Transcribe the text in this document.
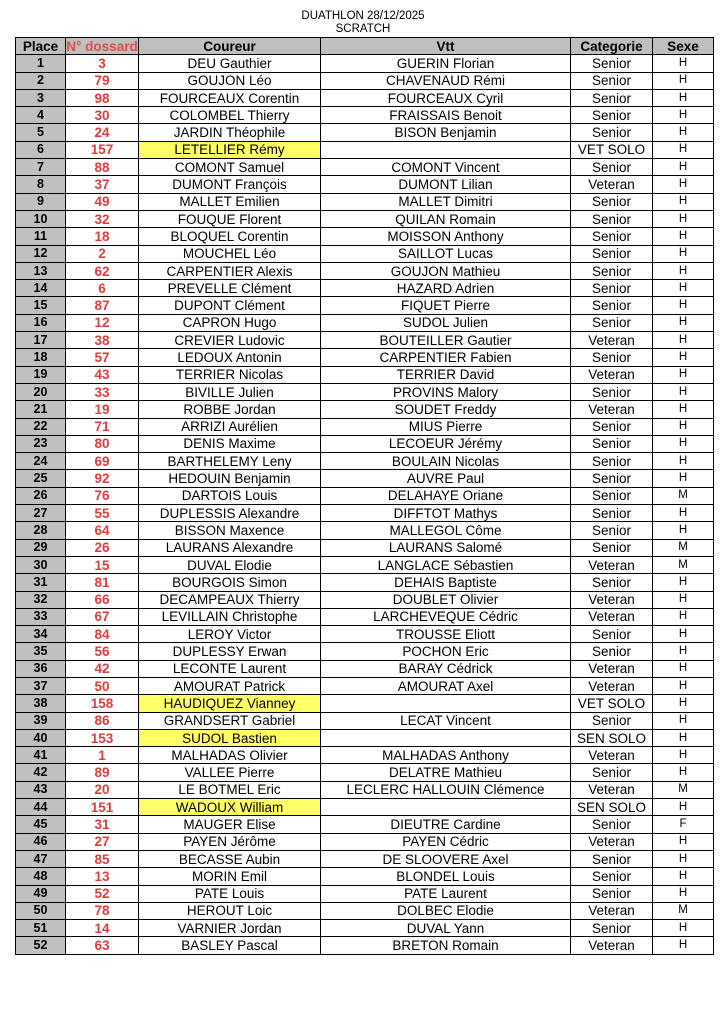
DUATHLON 28/12/2025
SCRATCH
Place	N° dossard	Coureur	Vtt	Categorie	Sexe
1	3	DEU Gauthier	GUERIN Florian	Senior	H
2	79	GOUJON Léo	CHAVENAUD Rémi	Senior	H
3	98	FOURCEAUX Corentin	FOURCEAUX Cyril	Senior	H
4	30	COLOMBEL Thierry	FRAISSAIS Benoit	Senior	H
5	24	JARDIN Théophile	BISON Benjamin	Senior	H
6	157	LETELLIER Rémy		VET SOLO	H
7	88	COMONT Samuel	COMONT Vincent	Senior	H
8	37	DUMONT François	DUMONT Lilian	Veteran	H
9	49	MALLET Emilien	MALLET Dimitri	Senior	H
10	32	FOUQUE Florent	QUILAN Romain	Senior	H
11	18	BLOQUEL Corentin	MOISSON Anthony	Senior	H
12	2	MOUCHEL Léo	SAILLOT Lucas	Senior	H
13	62	CARPENTIER Alexis	GOUJON Mathieu	Senior	H
14	6	PREVELLE Clément	HAZARD Adrien	Senior	H
15	87	DUPONT Clément	FIQUET Pierre	Senior	H
16	12	CAPRON Hugo	SUDOL Julien	Senior	H
17	38	CREVIER Ludovic	BOUTEILLER Gautier	Veteran	H
18	57	LEDOUX Antonin	CARPENTIER Fabien	Senior	H
19	43	TERRIER Nicolas	TERRIER David	Veteran	H
20	33	BIVILLE Julien	PROVINS Malory	Senior	H
21	19	ROBBE Jordan	SOUDET Freddy	Veteran	H
22	71	ARRIZI Aurélien	MIUS Pierre	Senior	H
23	80	DENIS Maxime	LECOEUR Jérémy	Senior	H
24	69	BARTHELEMY Leny	BOULAIN Nicolas	Senior	H
25	92	HEDOUIN Benjamin	AUVRE Paul	Senior	H
26	76	DARTOIS Louis	DELAHAYE Oriane	Senior	M
27	55	DUPLESSIS Alexandre	DIFFTOT Mathys	Senior	H
28	64	BISSON Maxence	MALLEGOL Côme	Senior	H
29	26	LAURANS Alexandre	LAURANS Salomé	Senior	M
30	15	DUVAL Elodie	LANGLACE Sébastien	Veteran	M
31	81	BOURGOIS Simon	DEHAIS Baptiste	Senior	H
32	66	DECAMPEAUX Thierry	DOUBLET Olivier	Veteran	H
33	67	LEVILLAIN Christophe	LARCHEVEQUE Cédric	Veteran	H
34	84	LEROY Victor	TROUSSE Eliott	Senior	H
35	56	DUPLESSY Erwan	POCHON Eric	Senior	H
36	42	LECONTE Laurent	BARAY Cédrick	Veteran	H
37	50	AMOURAT Patrick	AMOURAT Axel	Veteran	H
38	158	HAUDIQUEZ Vianney		VET SOLO	H
39	86	GRANDSERT Gabriel	LECAT Vincent	Senior	H
40	153	SUDOL Bastien		SEN SOLO	H
41	1	MALHADAS Olivier	MALHADAS Anthony	Veteran	H
42	89	VALLEE Pierre	DELATRE Mathieu	Senior	H
43	20	LE BOTMEL Eric	LECLERC HALLOUIN Clémence	Veteran	M
44	151	WADOUX William		SEN SOLO	H
45	31	MAUGER Elise	DIEUTRE Cardine	Senior	F
46	27	PAYEN Jérôme	PAYEN Cédric	Veteran	H
47	85	BECASSE Aubin	DE SLOOVERE Axel	Senior	H
48	13	MORIN Emil	BLONDEL Louis	Senior	H
49	52	PATE Louis	PATE Laurent	Senior	H
50	78	HEROUT Loic	DOLBEC Elodie	Veteran	M
51	14	VARNIER Jordan	DUVAL Yann	Senior	H
52	63	BASLEY Pascal	BRETON Romain	Veteran	H
